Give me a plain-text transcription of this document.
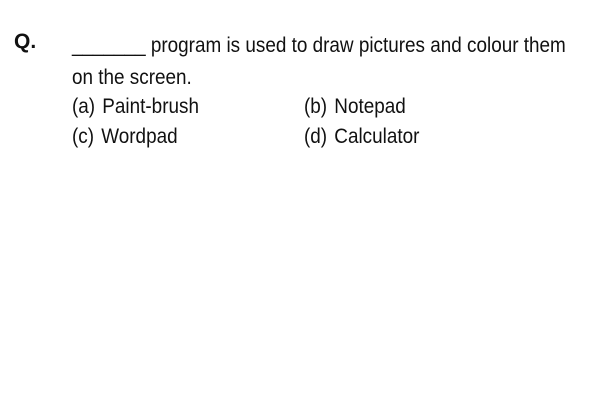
Q. _______ program is used to draw pictures and colour them
on the screen.
(a) Paint-brush	(b) Notepad
(c) Wordpad	(d) Calculator
